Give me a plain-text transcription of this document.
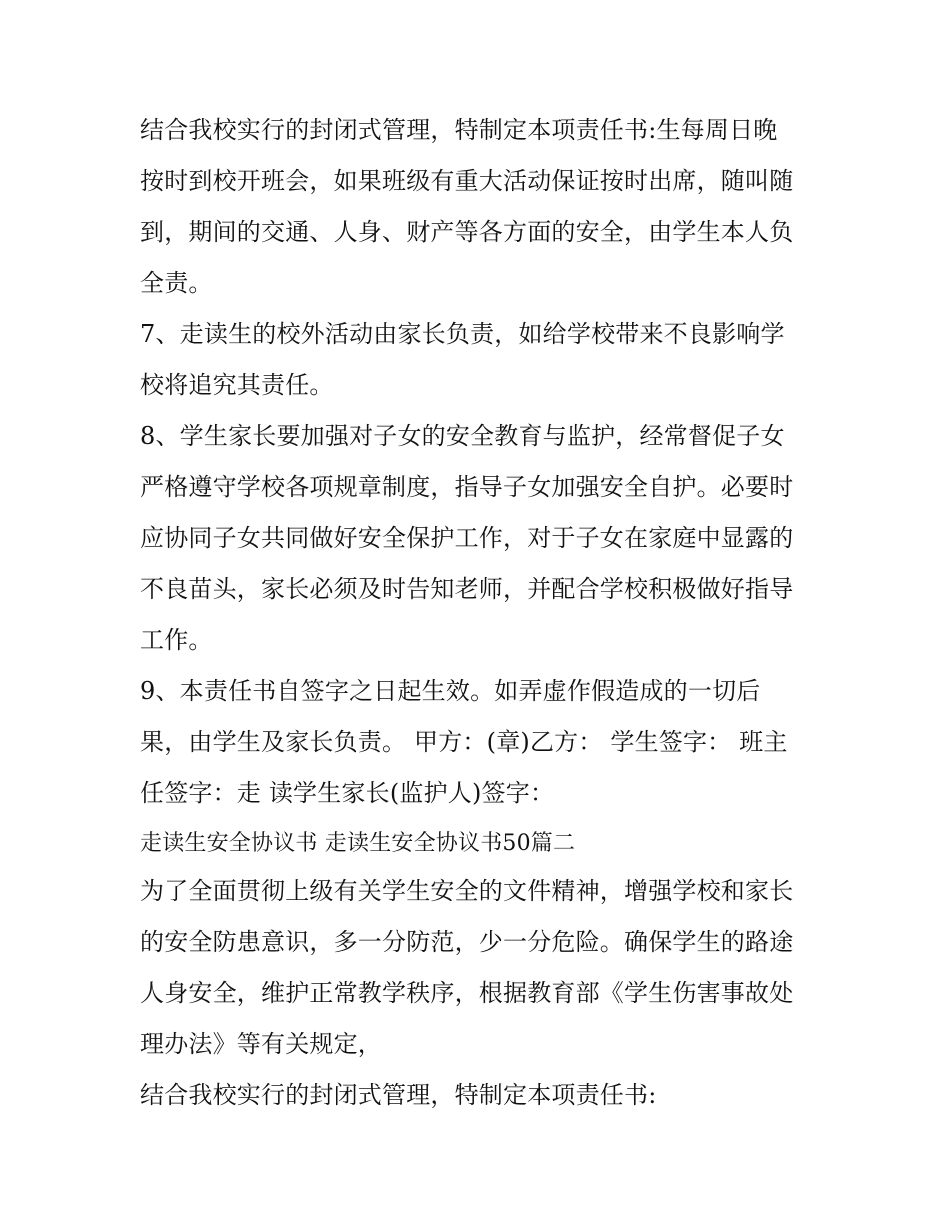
结合我校实行的封闭式管理，特制定本项责任书:生每周日晚
按时到校开班会，如果班级有重大活动保证按时出席，随叫随
到，期间的交通、人身、财产等各方面的安全，由学生本人负
全责。
7、走读生的校外活动由家长负责，如给学校带来不良影响学
校将追究其责任。
8、学生家长要加强对子女的安全教育与监护，经常督促子女
严格遵守学校各项规章制度，指导子女加强安全自护。必要时
应协同子女共同做好安全保护工作，对于子女在家庭中显露的
不良苗头，家长必须及时告知老师，并配合学校积极做好指导
工作。
9、本责任书自签字之日起生效。如弄虚作假造成的一切后
果，由学生及家长负责。 甲方：(章)乙方： 学生签字： 班主
任签字：走 读学生家长(监护人)签字：
走读生安全协议书 走读生安全协议书50篇二
为了全面贯彻上级有关学生安全的文件精神，增强学校和家长
的安全防患意识，多一分防范，少一分危险。确保学生的路途
人身安全，维护正常教学秩序，根据教育部《学生伤害事故处
理办法》等有关规定，
结合我校实行的封闭式管理，特制定本项责任书:
